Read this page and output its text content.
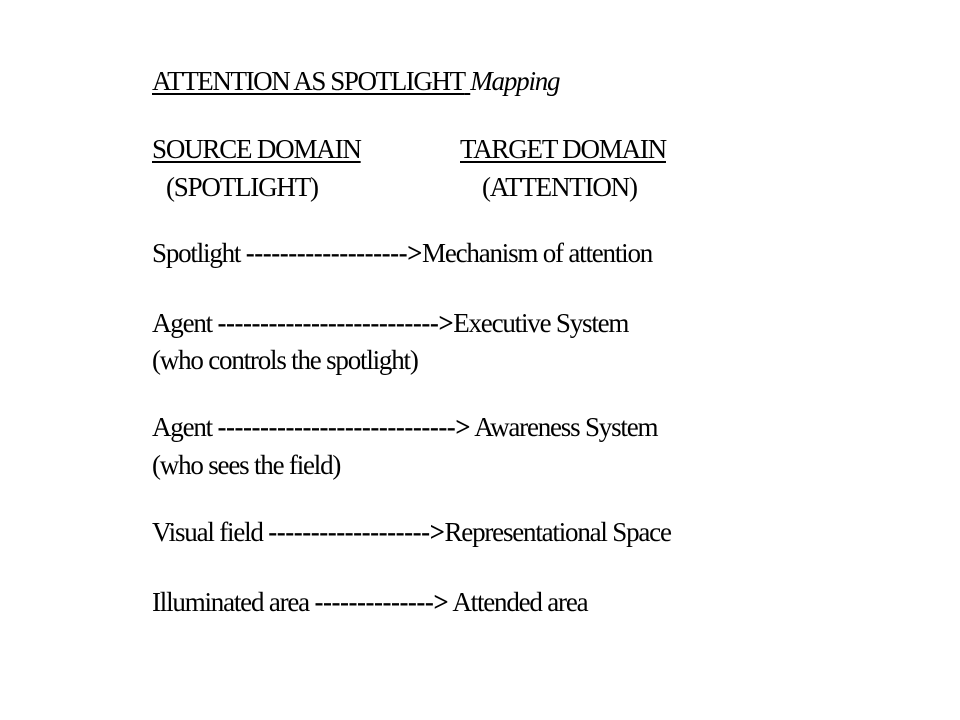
ATTENTION AS SPOTLIGHT Mapping
SOURCE DOMAIN	TARGET DOMAIN
(SPOTLIGHT)	(ATTENTION)
Spotlight ------------------->Mechanism of attention
Agent -------------------------->Executive System
(who controls the spotlight)
Agent ----------------------------> Awareness System
(who sees the field)
Visual field ------------------->Representational Space
Illuminated area --------------> Attended area
